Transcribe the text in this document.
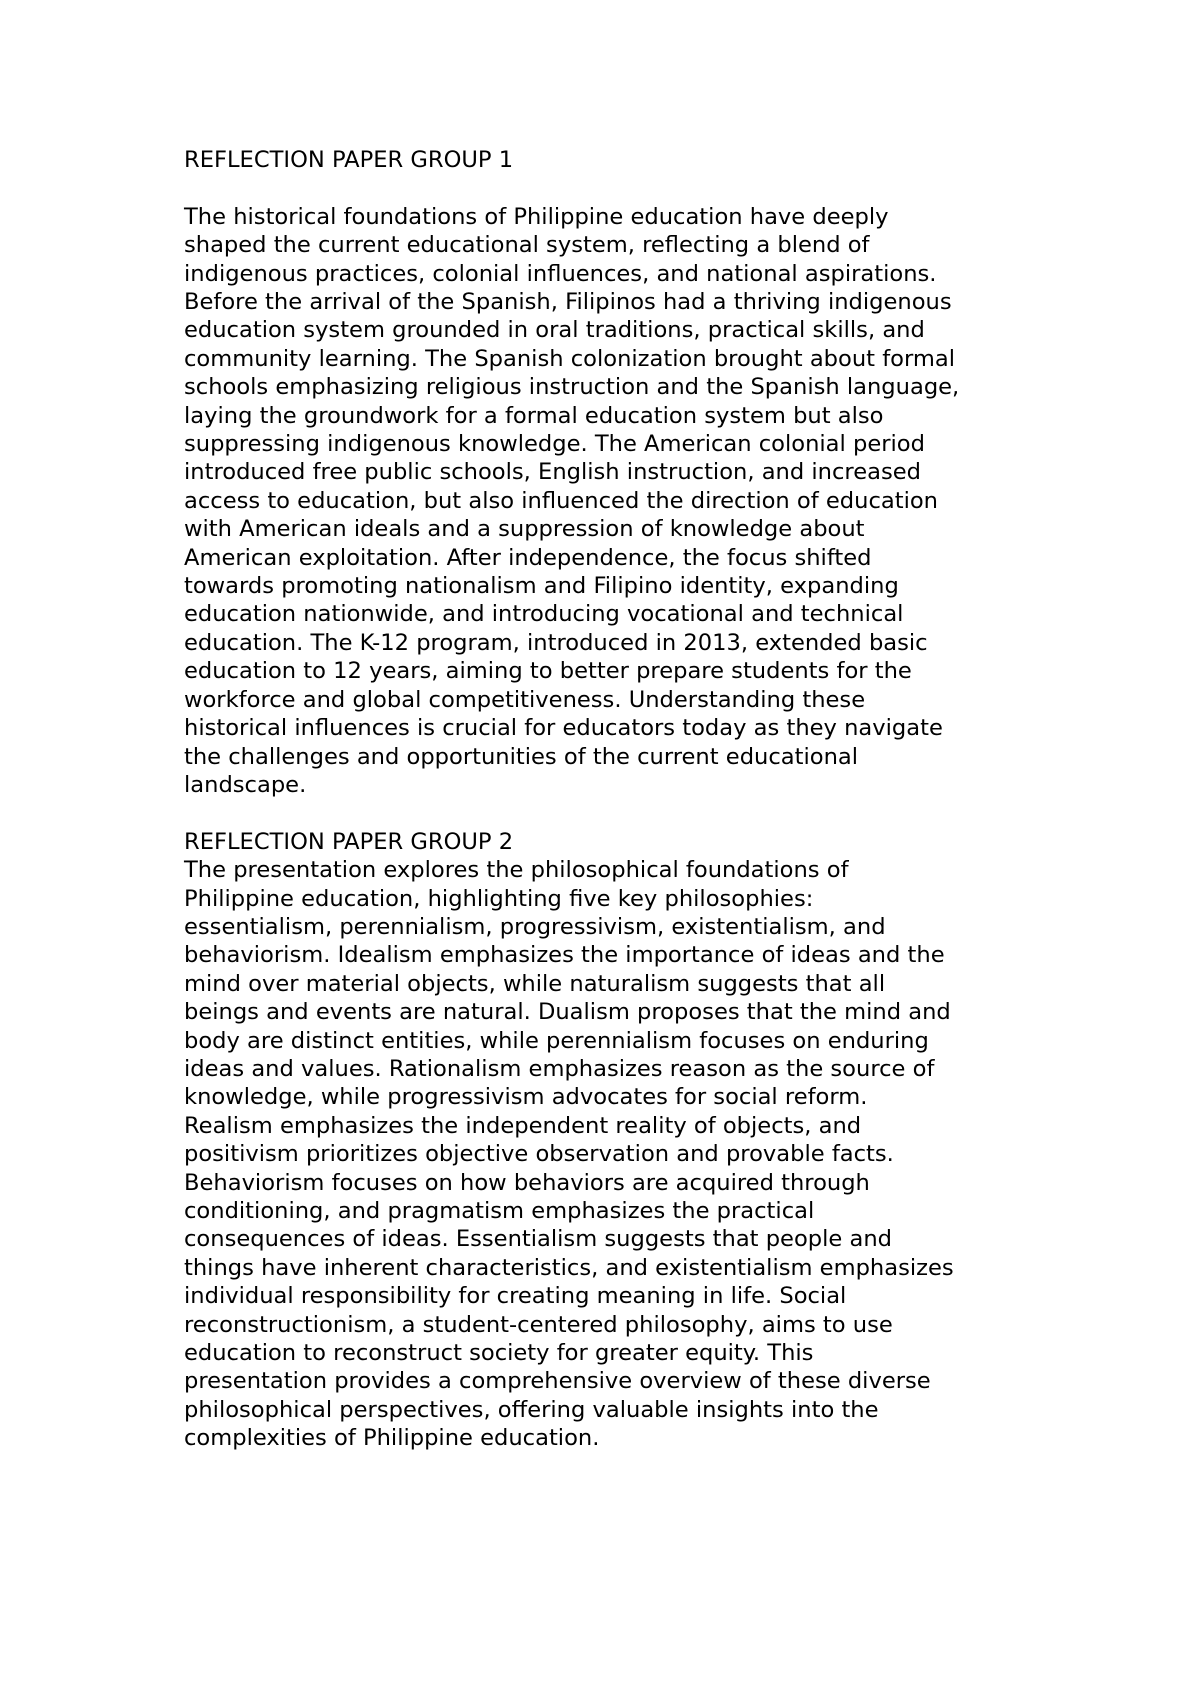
REFLECTION PAPER GROUP 1

The historical foundations of Philippine education have deeply
shaped the current educational system, reflecting a blend of
indigenous practices, colonial influences, and national aspirations.
Before the arrival of the Spanish, Filipinos had a thriving indigenous
education system grounded in oral traditions, practical skills, and
community learning. The Spanish colonization brought about formal
schools emphasizing religious instruction and the Spanish language,
laying the groundwork for a formal education system but also
suppressing indigenous knowledge. The American colonial period
introduced free public schools, English instruction, and increased
access to education, but also influenced the direction of education
with American ideals and a suppression of knowledge about
American exploitation. After independence, the focus shifted
towards promoting nationalism and Filipino identity, expanding
education nationwide, and introducing vocational and technical
education. The K-12 program, introduced in 2013, extended basic
education to 12 years, aiming to better prepare students for the
workforce and global competitiveness. Understanding these
historical influences is crucial for educators today as they navigate
the challenges and opportunities of the current educational
landscape.

REFLECTION PAPER GROUP 2

The presentation explores the philosophical foundations of
Philippine education, highlighting five key philosophies:
essentialism, perennialism, progressivism, existentialism, and
behaviorism. Idealism emphasizes the importance of ideas and the
mind over material objects, while naturalism suggests that all
beings and events are natural. Dualism proposes that the mind and
body are distinct entities, while perennialism focuses on enduring
ideas and values. Rationalism emphasizes reason as the source of
knowledge, while progressivism advocates for social reform.
Realism emphasizes the independent reality of objects, and
positivism prioritizes objective observation and provable facts.
Behaviorism focuses on how behaviors are acquired through
conditioning, and pragmatism emphasizes the practical
consequences of ideas. Essentialism suggests that people and
things have inherent characteristics, and existentialism emphasizes
individual responsibility for creating meaning in life. Social
reconstructionism, a student-centered philosophy, aims to use
education to reconstruct society for greater equity. This
presentation provides a comprehensive overview of these diverse
philosophical perspectives, offering valuable insights into the
complexities of Philippine education.
